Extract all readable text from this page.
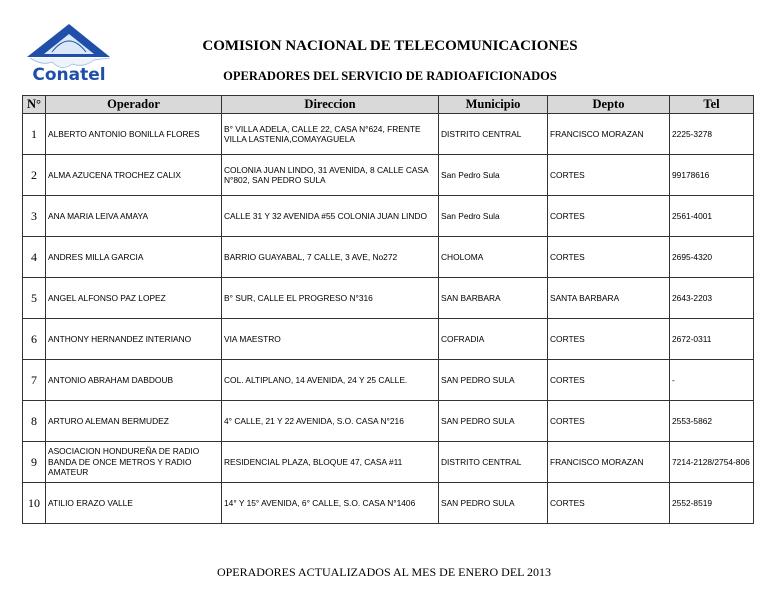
Conatel
COMISION NACIONAL DE TELECOMUNICACIONES
OPERADORES DEL SERVICIO DE RADIOAFICIONADOS
N°	Operador	Direccion	Municipio	Depto	Tel
1	ALBERTO ANTONIO BONILLA FLORES	B° VILLA ADELA, CALLE 22, CASA N°624, FRENTE VILLA LASTENIA,COMAYAGUELA	DISTRITO CENTRAL	FRANCISCO MORAZAN	2225-3278
2	ALMA AZUCENA TROCHEZ CALIX	COLONIA JUAN LINDO, 31 AVENIDA, 8 CALLE CASA N°802, SAN PEDRO SULA	San Pedro Sula	CORTES	99178616
3	ANA MARIA LEIVA AMAYA	CALLE 31 Y 32 AVENIDA #55 COLONIA JUAN LINDO	San Pedro Sula	CORTES	2561-4001
4	ANDRES MILLA GARCIA	BARRIO GUAYABAL, 7 CALLE, 3 AVE, No272	CHOLOMA	CORTES	2695-4320
5	ANGEL ALFONSO PAZ LOPEZ	B° SUR, CALLE EL PROGRESO N°316	SAN BARBARA	SANTA BARBARA	2643-2203
6	ANTHONY HERNANDEZ INTERIANO	VIA MAESTRO	COFRADIA	CORTES	2672-0311
7	ANTONIO ABRAHAM DABDOUB	COL. ALTIPLANO, 14 AVENIDA, 24 Y 25 CALLE.	SAN PEDRO SULA	CORTES	-
8	ARTURO ALEMAN BERMUDEZ	4° CALLE, 21 Y 22 AVENIDA, S.O. CASA N°216	SAN PEDRO SULA	CORTES	2553-5862
9	ASOCIACION HONDUREÑA DE RADIO BANDA DE ONCE METROS Y RADIO AMATEUR	RESIDENCIAL PLAZA, BLOQUE 47, CASA #11	DISTRITO CENTRAL	FRANCISCO MORAZAN	7214-2128/2754-806
10	ATILIO ERAZO VALLE	14° Y 15° AVENIDA, 6° CALLE, S.O. CASA N°1406	SAN PEDRO SULA	CORTES	2552-8519
OPERADORES ACTUALIZADOS AL MES DE ENERO DEL 2013
